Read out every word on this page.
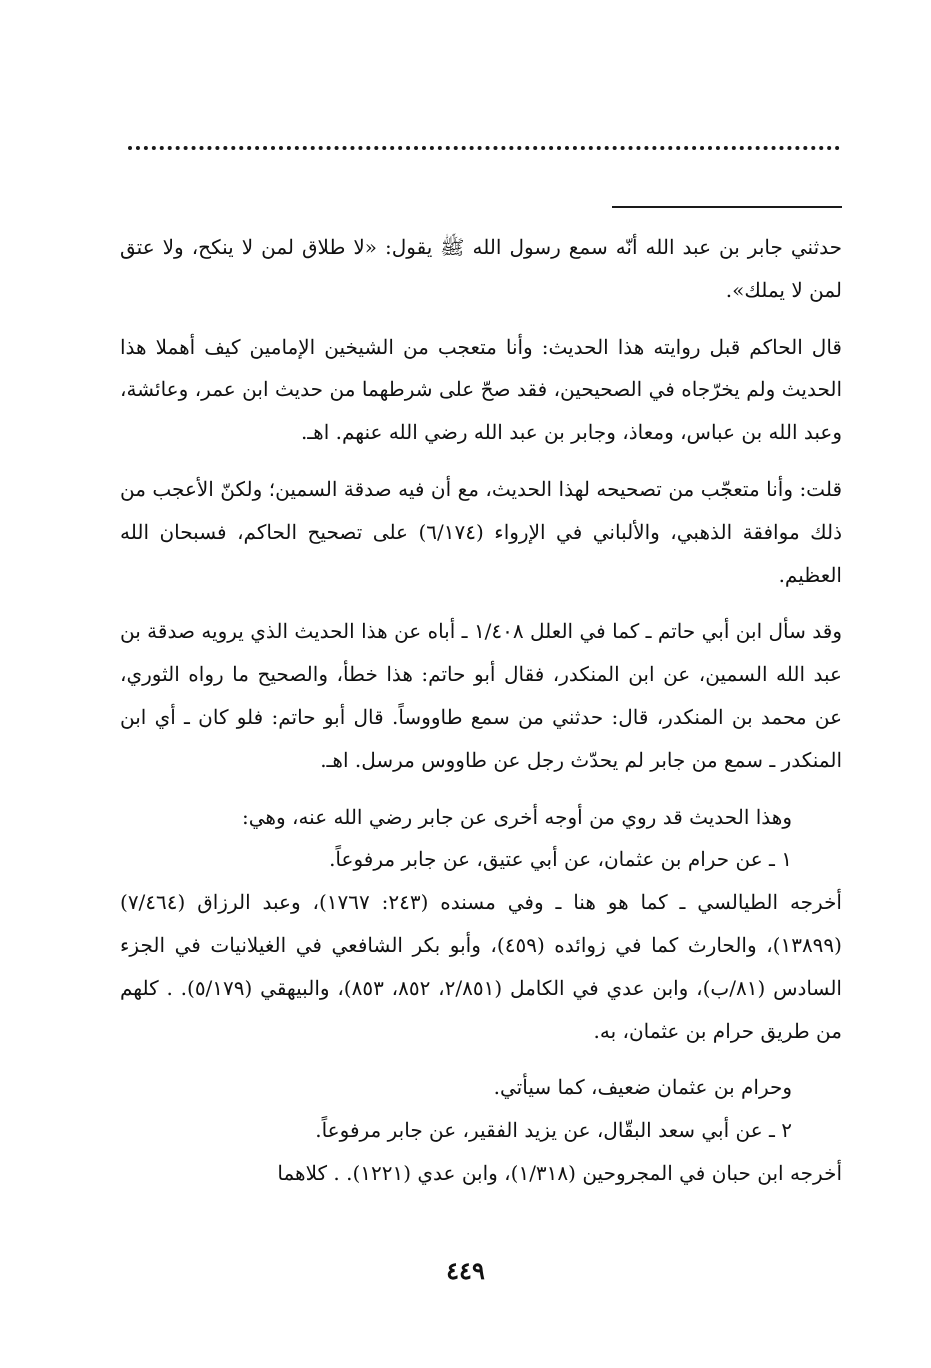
حدثني جابر بن عبد الله أنّه سمع رسول الله ﷺ يقول: «لا طلاق لمن لا ينكح، ولا عتق لمن لا يملك».

قال الحاكم قبل روايته هذا الحديث: وأنا متعجب من الشيخين الإمامين كيف أهملا هذا الحديث ولم يخرّجاه في الصحيحين، فقد صحّ على شرطهما من حديث ابن عمر، وعائشة، وعبد الله بن عباس، ومعاذ، وجابر بن عبد الله رضي الله عنهم. اهـ.

قلت: وأنا متعجّب من تصحيحه لهذا الحديث، مع أن فيه صدقة السمين؛ ولكنّ الأعجب من ذلك موافقة الذهبي، والألباني في الإرواء (٦/١٧٤) على تصحيح الحاكم، فسبحان الله العظيم.

وقد سأل ابن أبي حاتم ـ كما في العلل ١/٤٠٨ ـ أباه عن هذا الحديث الذي يرويه صدقة بن عبد الله السمين، عن ابن المنكدر، فقال أبو حاتم: هذا خطأ، والصحيح ما رواه الثوري، عن محمد بن المنكدر، قال: حدثني من سمع طاووساً. قال أبو حاتم: فلو كان ـ أي ابن المنكدر ـ سمع من جابر لم يحدّث رجل عن طاووس مرسل. اهـ.

وهذا الحديث قد روي من أوجه أخرى عن جابر رضي الله عنه، وهي:

١ ـ عن حرام بن عثمان، عن أبي عتيق، عن جابر مرفوعاً.

أخرجه الطيالسي ـ كما هو هنا ـ وفي مسنده (٢٤٣: ١٧٦٧)، وعبد الرزاق (٧/٤٦٤) (١٣٨٩٩)، والحارث كما في زوائده (٤٥٩)، وأبو بكر الشافعي في الغيلانيات في الجزء السادس (٨١/ب)، وابن عدي في الكامل (٢/٨٥١، ٨٥٢، ٨٥٣)، والبيهقي (٥/١٧٩). . كلهم من طريق حرام بن عثمان، به.

وحرام بن عثمان ضعيف، كما سيأتي.

٢ ـ عن أبي سعد البقّال، عن يزيد الفقير، عن جابر مرفوعاً.

أخرجه ابن حبان في المجروحين (١/٣١٨)، وابن عدي (١٢٢١). . كلاهما

٤٤٩
